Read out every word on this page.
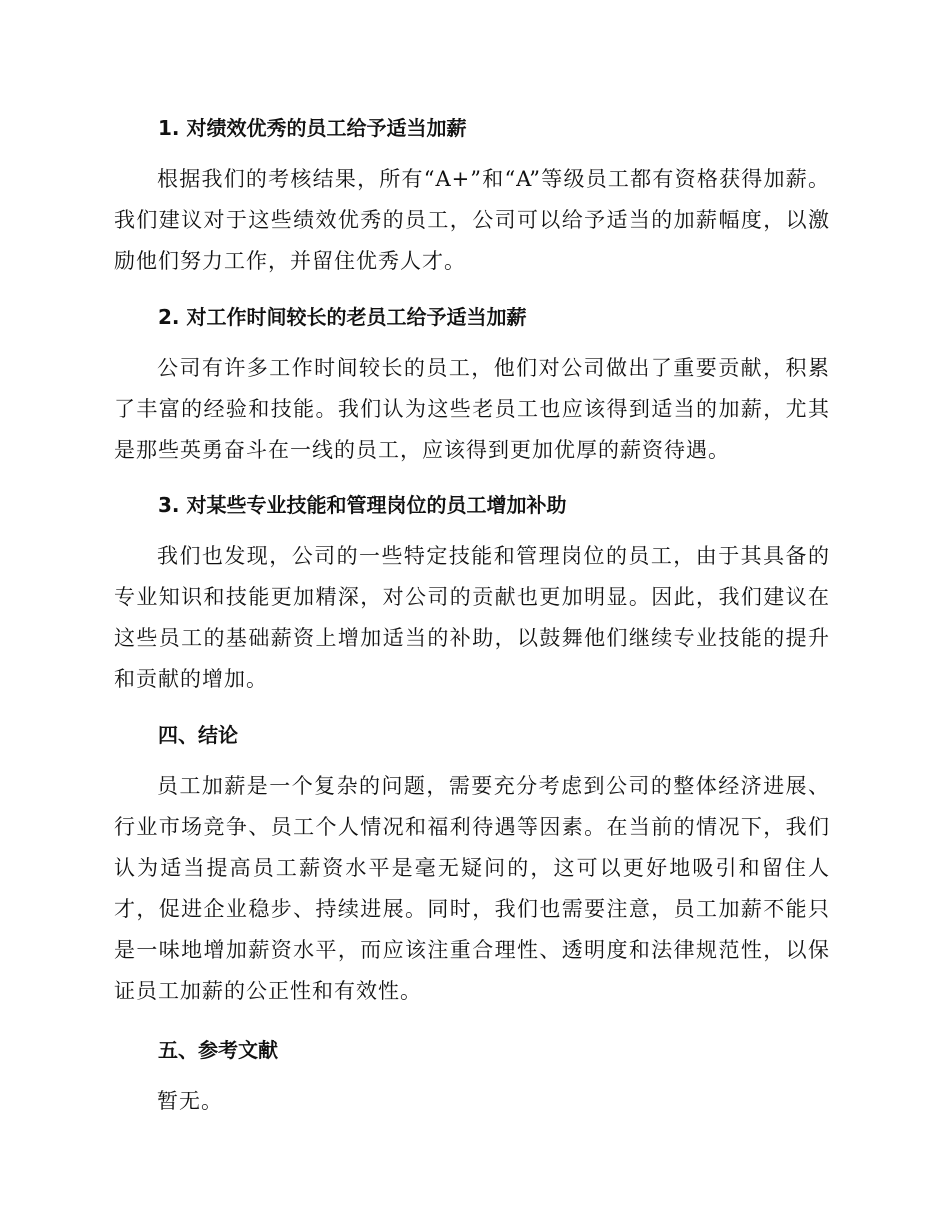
1. 对绩效优秀的员工给予适当加薪

根据我们的考核结果，所有“A+”和“A”等级员工都有资格获得加薪。我们建议对于这些绩效优秀的员工，公司可以给予适当的加薪幅度，以激励他们努力工作，并留住优秀人才。

2. 对工作时间较长的老员工给予适当加薪

公司有许多工作时间较长的员工，他们对公司做出了重要贡献，积累了丰富的经验和技能。我们认为这些老员工也应该得到适当的加薪，尤其是那些英勇奋斗在一线的员工，应该得到更加优厚的薪资待遇。

3. 对某些专业技能和管理岗位的员工增加补助

我们也发现，公司的一些特定技能和管理岗位的员工，由于其具备的专业知识和技能更加精深，对公司的贡献也更加明显。因此，我们建议在这些员工的基础薪资上增加适当的补助，以鼓舞他们继续专业技能的提升和贡献的增加。

四、结论

员工加薪是一个复杂的问题，需要充分考虑到公司的整体经济进展、行业市场竞争、员工个人情况和福利待遇等因素。在当前的情况下，我们认为适当提高员工薪资水平是毫无疑问的，这可以更好地吸引和留住人才，促进企业稳步、持续进展。同时，我们也需要注意，员工加薪不能只是一味地增加薪资水平，而应该注重合理性、透明度和法律规范性，以保证员工加薪的公正性和有效性。

五、参考文献

暂无。
